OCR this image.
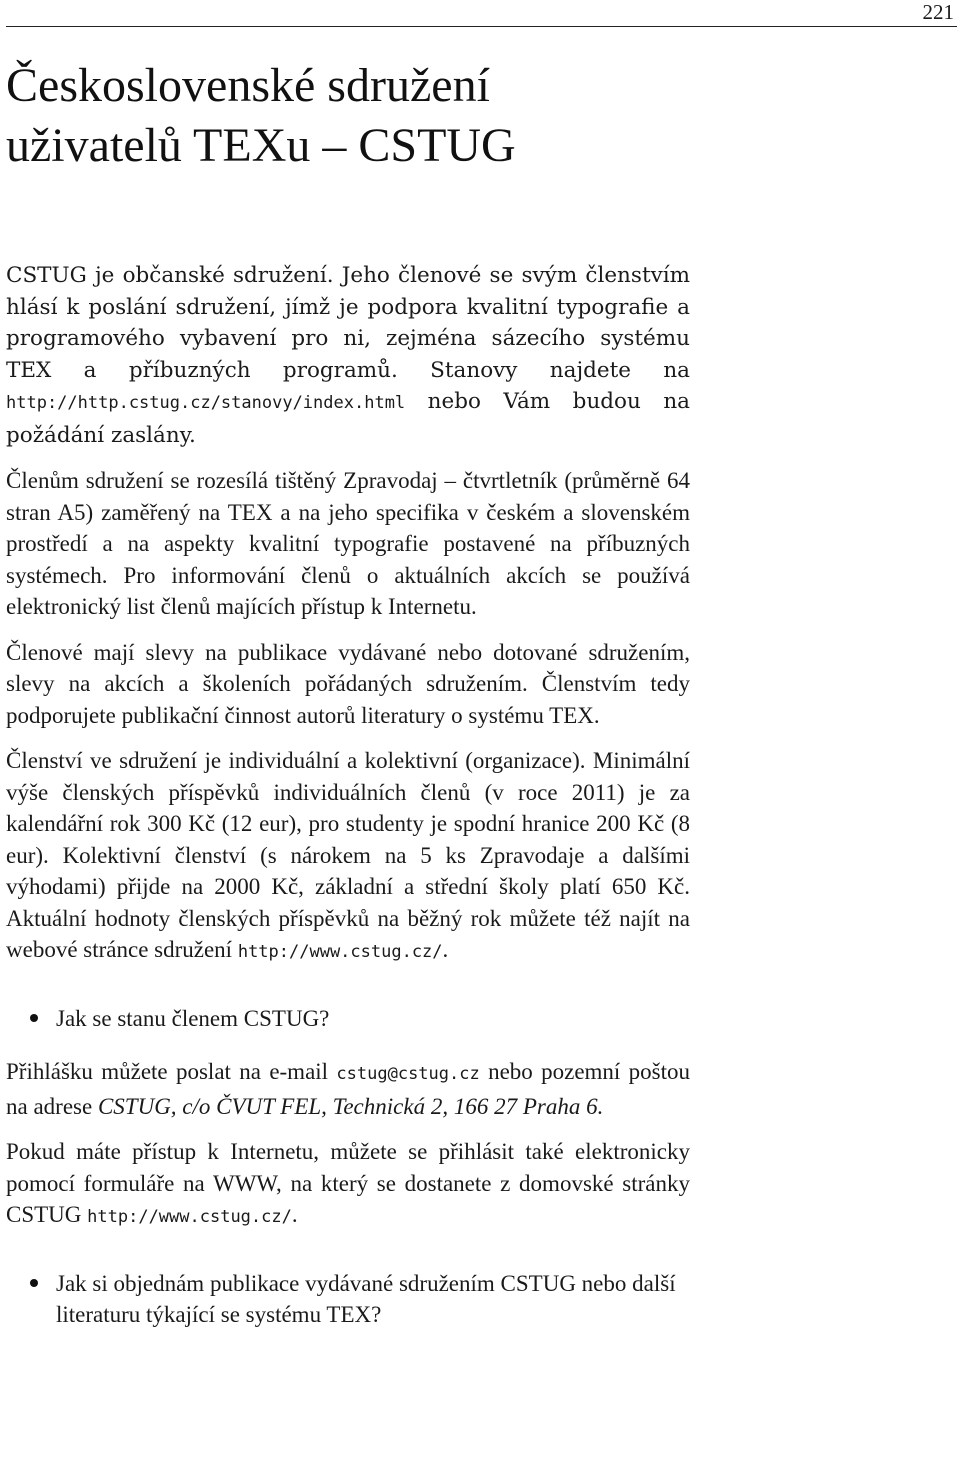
221
Československé sdružení
uživatelů TEXu – CSTUG

CSTUG je občanské sdružení. Jeho členové se svým členstvím hlásí k poslání sdružení, jímž je podpora kvalitní typografie a programového vybavení pro ni, zejména sázecího systému TEX a příbuzných programů. Stanovy najdete na http://http.cstug.cz/stanovy/index.html nebo Vám budou na požádání zaslány.

Členům sdružení se rozesílá tištěný Zpravodaj – čtvrtletník (průměrně 64 stran A5) zaměřený na TEX a na jeho specifika v českém a slovenském prostředí a na aspekty kvalitní typografie postavené na příbuzných systémech. Pro informování členů o aktuálních akcích se používá elektronický list členů majících přístup k Internetu.

Členové mají slevy na publikace vydávané nebo dotované sdružením, slevy na akcích a školeních pořádaných sdružením. Členstvím tedy podporujete publikační činnost autorů literatury o systému TEX.

Členství ve sdružení je individuální a kolektivní (organizace). Minimální výše členských příspěvků individuálních členů (v roce 2011) je za kalendářní rok 300 Kč (12 eur), pro studenty je spodní hranice 200 Kč (8 eur). Kolektivní členství (s nárokem na 5 ks Zpravodaje a dalšími výhodami) přijde na 2000 Kč, základní a střední školy platí 650 Kč. Aktuální hodnoty členských příspěvků na běžný rok můžete též najít na webové stránce sdružení http://www.cstug.cz/.

Jak se stanu členem CSTUG?

Přihlášku můžete poslat na e-mail cstug@cstug.cz nebo pozemní poštou na adrese CSTUG, c/o ČVUT FEL, Technická 2, 166 27 Praha 6.

Pokud máte přístup k Internetu, můžete se přihlásit také elektronicky pomocí formuláře na WWW, na který se dostanete z domovské stránky CSTUG http://www.cstug.cz/.

Jak si objednám publikace vydávané sdružením CSTUG nebo další literaturu týkající se systému TEX?
